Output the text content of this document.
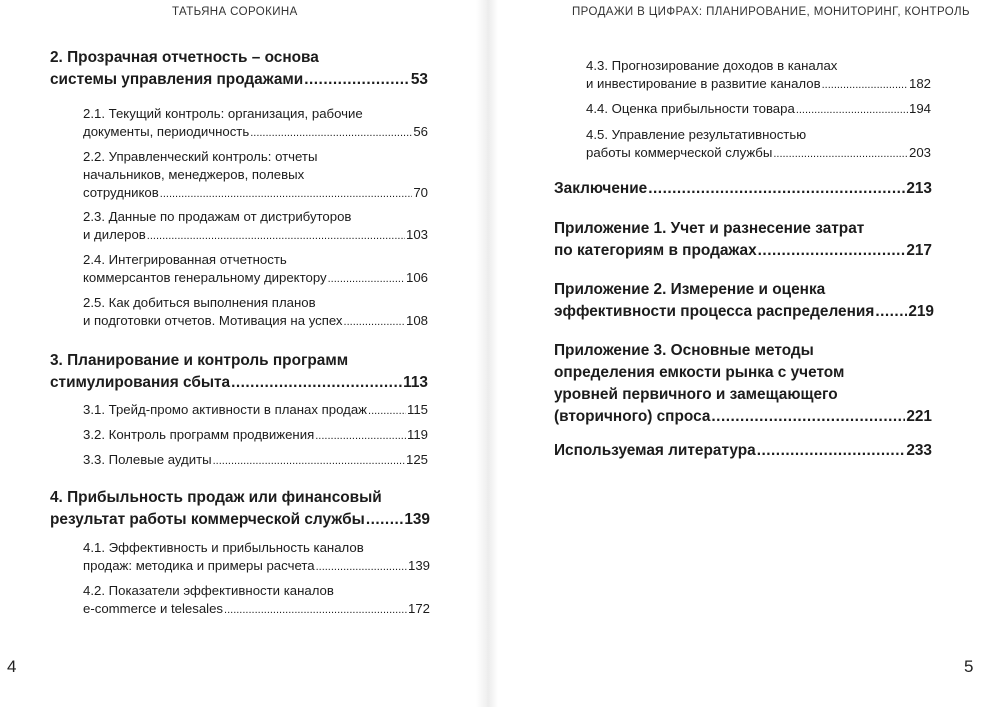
ТАТЬЯНА СОРОКИНА
2. Прозрачная отчетность – основа
системы управления продажами .....	53
2.1. Текущий контроль: организация, рабочие
документы, периодичность .....	56
2.2. Управленческий контроль: отчеты
начальников, менеджеров, полевых
сотрудников .....	70
2.3. Данные по продажам от дистрибуторов
и дилеров .....	103
2.4. Интегрированная отчетность
коммерсантов генеральному директору .....	106
2.5. Как добиться выполнения планов
и подготовки отчетов. Мотивация на успех .....	108
3. Планирование и контроль программ
стимулирования сбыта .....	113
3.1. Трейд-промо активности в планах продаж .....	115
3.2. Контроль программ продвижения .....	119
3.3. Полевые аудиты .....	125
4. Прибыльность продаж или финансовый
результат работы коммерческой службы .....	139
4.1. Эффективность и прибыльность каналов
продаж: методика и примеры расчета .....	139
4.2. Показатели эффективности каналов
e-commerce и telesales .....	172
4
ПРОДАЖИ В ЦИФРАХ: ПЛАНИРОВАНИЕ, МОНИТОРИНГ, КОНТРОЛЬ
4.3. Прогнозирование доходов в каналах
и инвестирование в развитие каналов .....	182
4.4. Оценка прибыльности товара .....	194
4.5. Управление результативностью
работы коммерческой службы .....	203
Заключение .....	213
Приложение 1. Учет и разнесение затрат
по категориям в продажах .....	217
Приложение 2. Измерение и оценка
эффективности процесса распределения ..... 219
Приложение 3. Основные методы
определения емкости рынка с учетом
уровней первичного и замещающего
(вторичного) спроса .....	221
Используемая литература .....	233
5
